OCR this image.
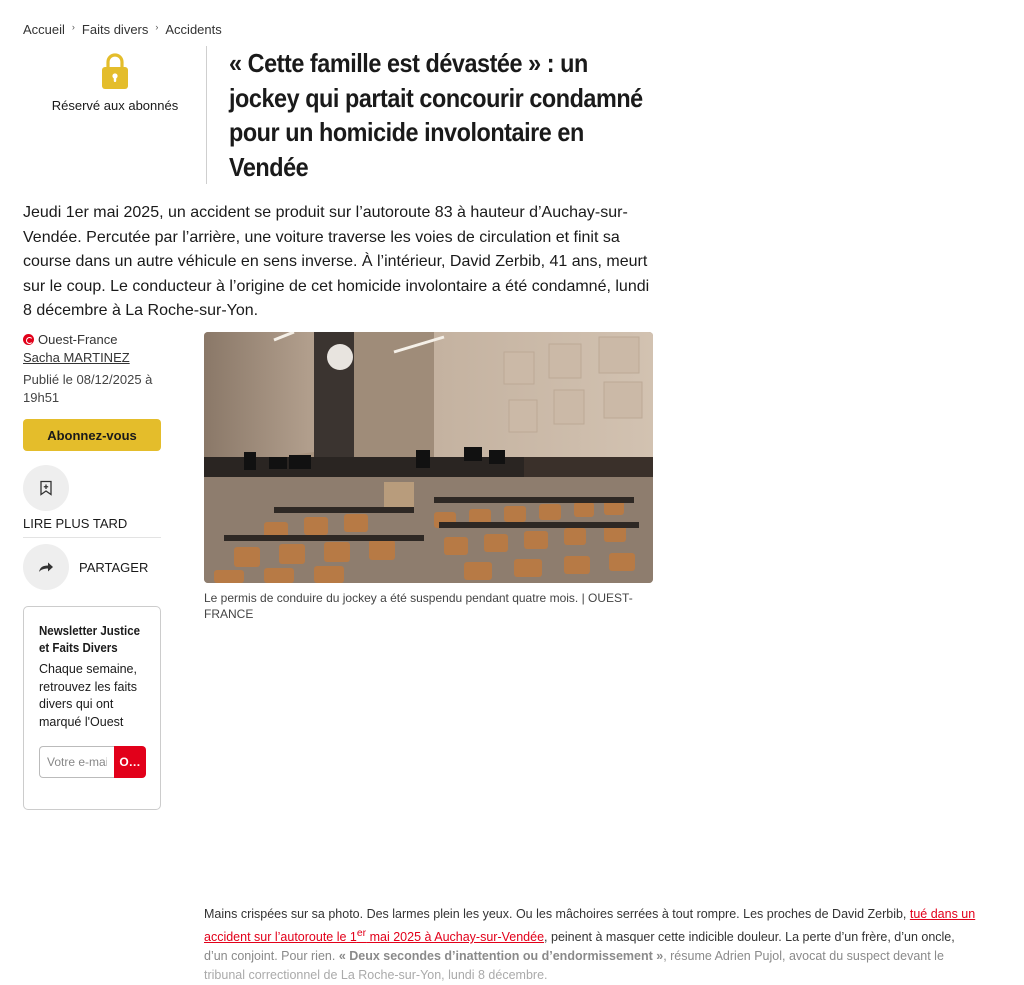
Accueil › Faits divers › Accidents
Réservé aux abonnés
« Cette famille est dévastée » : un jockey qui partait concourir condamné pour un homicide involontaire en Vendée

Jeudi 1er mai 2025, un accident se produit sur l’autoroute 83 à hauteur d’Auchay-sur-Vendée. Percutée par l’arrière, une voiture traverse les voies de circulation et finit sa course dans un autre véhicule en sens inverse. À l’intérieur, David Zerbib, 41 ans, meurt sur le coup. Le conducteur à l’origine de cet homicide involontaire a été condamné, lundi 8 décembre à La Roche-sur-Yon.

Ouest-France
Sacha MARTINEZ
Publié le 08/12/2025 à 19h51
Abonnez-vous
LIRE PLUS TARD
PARTAGER
Newsletter Justice et Faits Divers
Chaque semaine, retrouvez les faits divers qui ont marqué l'Ouest
Votre e-mail
O…

Le permis de conduire du jockey a été suspendu pendant quatre mois. | OUEST-FRANCE

Mains crispées sur sa photo. Des larmes plein les yeux. Ou les mâchoires serrées à tout rompre. Les proches de David Zerbib, tué dans un accident sur l’autoroute le 1er mai 2025 à Auchay-sur-Vendée, peinent à masquer cette indicible douleur. La perte d’un frère, d’un oncle,
d’un conjoint. Pour rien. « Deux secondes d’inattention ou d’endormissement », résume Adrien Pujol, avocat du suspect devant le
tribunal correctionnel de La Roche-sur-Yon, lundi 8 décembre.
